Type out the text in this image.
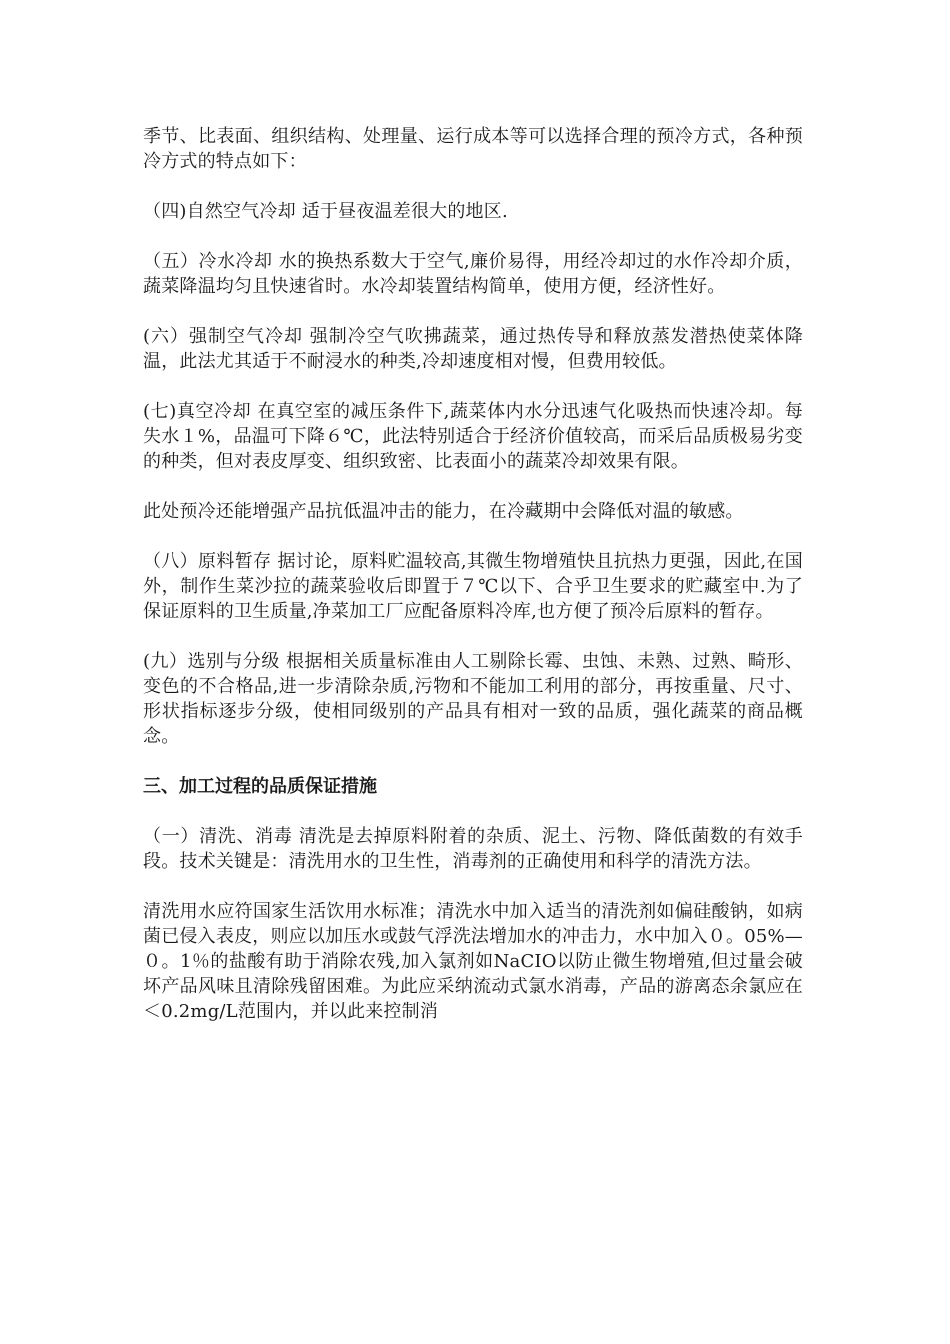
季节、比表面、组织结构、处理量、运行成本等可以选择合理的预冷方式，各种预冷方式的特点如下：

（四)自然空气冷却 适于昼夜温差很大的地区.

（五）冷水冷却 水的换热系数大于空气,廉价易得，用经冷却过的水作冷却介质，蔬菜降温均匀且快速省时。水冷却装置结构简单，使用方便，经济性好。

(六）强制空气冷却 强制冷空气吹拂蔬菜，通过热传导和释放蒸发潜热使菜体降温，此法尤其适于不耐浸水的种类,冷却速度相对慢，但费用较低。

(七)真空冷却 在真空室的减压条件下,蔬菜体内水分迅速气化吸热而快速冷却。每失水１%，品温可下降６℃，此法特别适合于经济价值较高，而采后品质极易劣变的种类，但对表皮厚变、组织致密、比表面小的蔬菜冷却效果有限。

此处预冷还能增强产品抗低温冲击的能力，在冷藏期中会降低对温的敏感。

（八）原料暂存 据讨论，原料贮温较高,其微生物增殖快且抗热力更强，因此,在国外，制作生菜沙拉的蔬菜验收后即置于７℃以下、合乎卫生要求的贮藏室中.为了保证原料的卫生质量,净菜加工厂应配备原料冷库,也方便了预冷后原料的暂存。

(九）选别与分级 根据相关质量标准由人工剔除长霉、虫蚀、未熟、过熟、畸形、变色的不合格品,进一步清除杂质,污物和不能加工利用的部分，再按重量、尺寸、形状指标逐步分级，使相同级别的产品具有相对一致的品质，强化蔬菜的商品概念。

三、加工过程的品质保证措施

（一）清洗、消毒 清洗是去掉原料附着的杂质、泥土、污物、降低菌数的有效手段。技术关键是：清洗用水的卫生性，消毒剂的正确使用和科学的清洗方法。

清洗用水应符国家生活饮用水标准；清洗水中加入适当的清洗剂如偏硅酸钠，如病菌已侵入表皮，则应以加压水或鼓气浮洗法增加水的冲击力，水中加入０。05%—０。1％的盐酸有助于消除农残,加入氯剂如NaCIO以防止微生物增殖,但过量会破坏产品风味且清除残留困难。为此应采纳流动式氯水消毒，产品的游离态余氯应在＜0.2mg/L范围内，并以此来控制消
